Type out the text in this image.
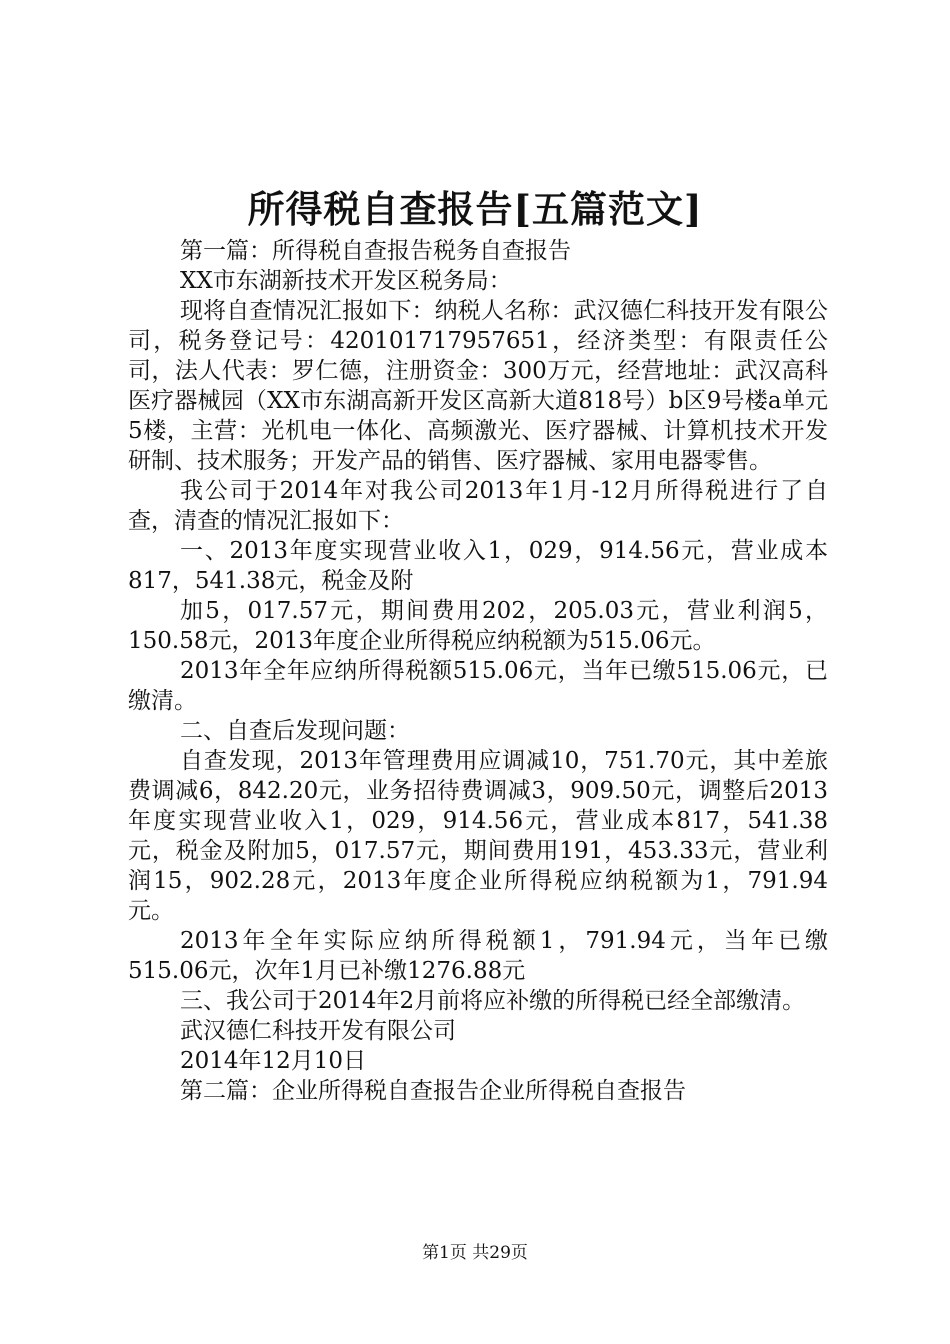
所得税自查报告[五篇范文]

第一篇：所得税自查报告税务自查报告

XX市东湖新技术开发区税务局：

现将自查情况汇报如下：纳税人名称：武汉德仁科技开发有限公司，税务登记号：420101717957651，经济类型：有限责任公司，法人代表：罗仁德，注册资金：300万元，经营地址：武汉高科医疗器械园（XX市东湖高新开发区高新大道818号）b区9号楼a单元5楼，主营：光机电一体化、高频激光、医疗器械、计算机技术开发研制、技术服务；开发产品的销售、医疗器械、家用电器零售。

我公司于2014年对我公司2013年1月-12月所得税进行了自查，清查的情况汇报如下：

一、2013年度实现营业收入1，029，914.56元，营业成本817，541.38元，税金及附

加5，017.57元，期间费用202，205.03元，营业利润5，150.58元，2013年度企业所得税应纳税额为515.06元。

2013年全年应纳所得税额515.06元，当年已缴515.06元，已缴清。

二、自查后发现问题：

自查发现，2013年管理费用应调减10，751.70元，其中差旅费调减6，842.20元，业务招待费调减3，909.50元，调整后2013年度实现营业收入1，029，914.56元，营业成本817，541.38元，税金及附加5，017.57元，期间费用191，453.33元，营业利润15，902.28元，2013年度企业所得税应纳税额为1，791.94元。

2013年全年实际应纳所得税额1，791.94元，当年已缴515.06元，次年1月已补缴1276.88元

三、我公司于2014年2月前将应补缴的所得税已经全部缴清。

武汉德仁科技开发有限公司

2014年12月10日

第二篇：企业所得税自查报告企业所得税自查报告

第1页 共29页
